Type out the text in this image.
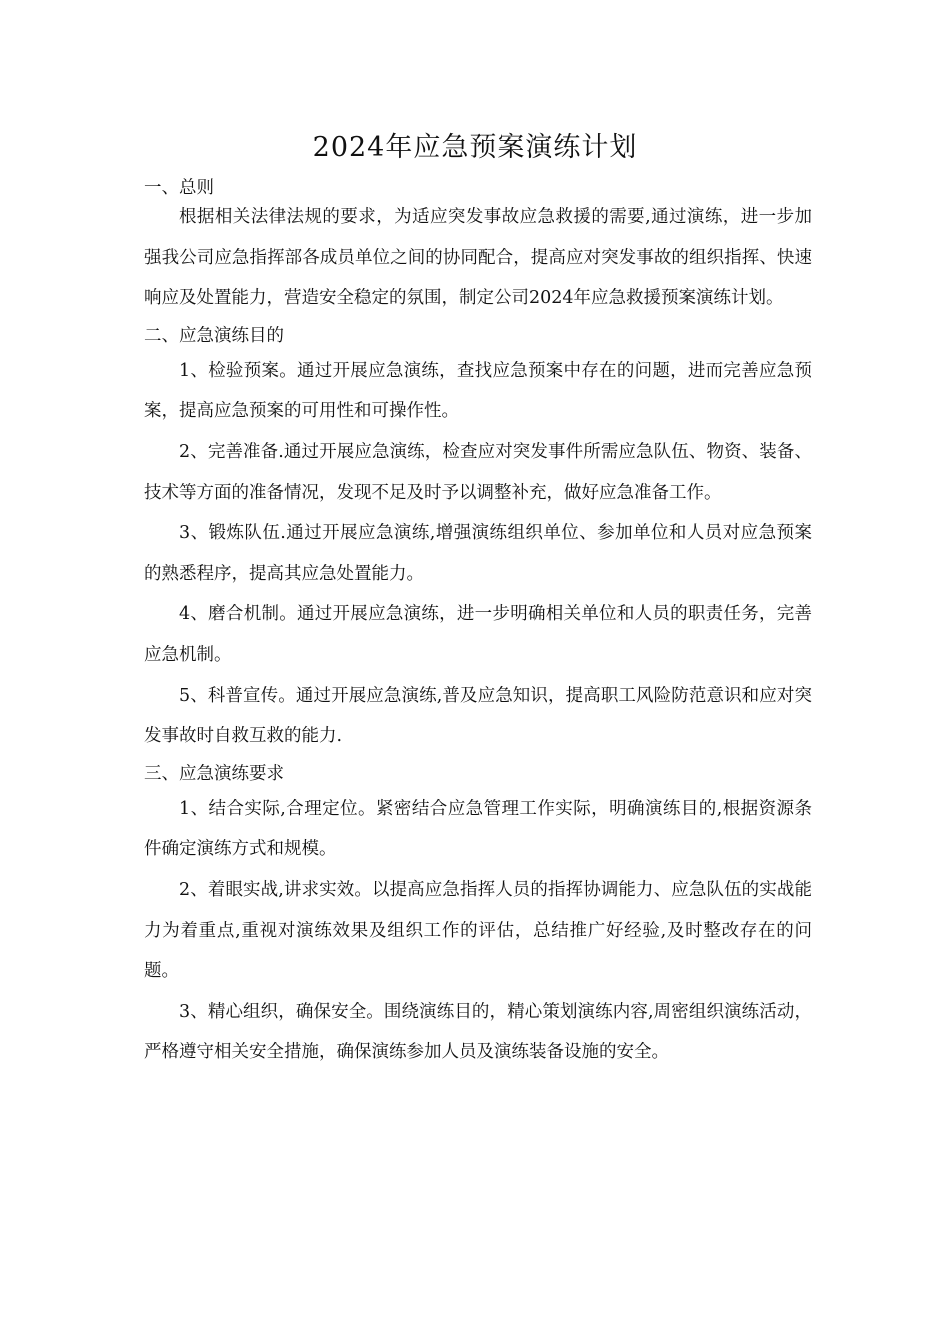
2024年应急预案演练计划
一、总则

根据相关法律法规的要求，为适应突发事故应急救援的需要,通过演练，进一步加强我公司应急指挥部各成员单位之间的协同配合，提高应对突发事故的组织指挥、快速响应及处置能力，营造安全稳定的氛围，制定公司2024年应急救援预案演练计划。

二、应急演练目的

1、检验预案。通过开展应急演练，查找应急预案中存在的问题，进而完善应急预案，提高应急预案的可用性和可操作性。

2、完善准备.通过开展应急演练，检查应对突发事件所需应急队伍、物资、装备、技术等方面的准备情况，发现不足及时予以调整补充，做好应急准备工作。

3、锻炼队伍.通过开展应急演练,增强演练组织单位、参加单位和人员对应急预案的熟悉程序，提高其应急处置能力。

4、磨合机制。通过开展应急演练，进一步明确相关单位和人员的职责任务，完善应急机制。

5、科普宣传。通过开展应急演练,普及应急知识，提高职工风险防范意识和应对突发事故时自救互救的能力.

三、应急演练要求

1、结合实际,合理定位。紧密结合应急管理工作实际，明确演练目的,根据资源条件确定演练方式和规模。

2、着眼实战,讲求实效。以提高应急指挥人员的指挥协调能力、应急队伍的实战能力为着重点,重视对演练效果及组织工作的评估，总结推广好经验,及时整改存在的问题。

3、精心组织，确保安全。围绕演练目的，精心策划演练内容,周密组织演练活动，严格遵守相关安全措施，确保演练参加人员及演练装备设施的安全。
